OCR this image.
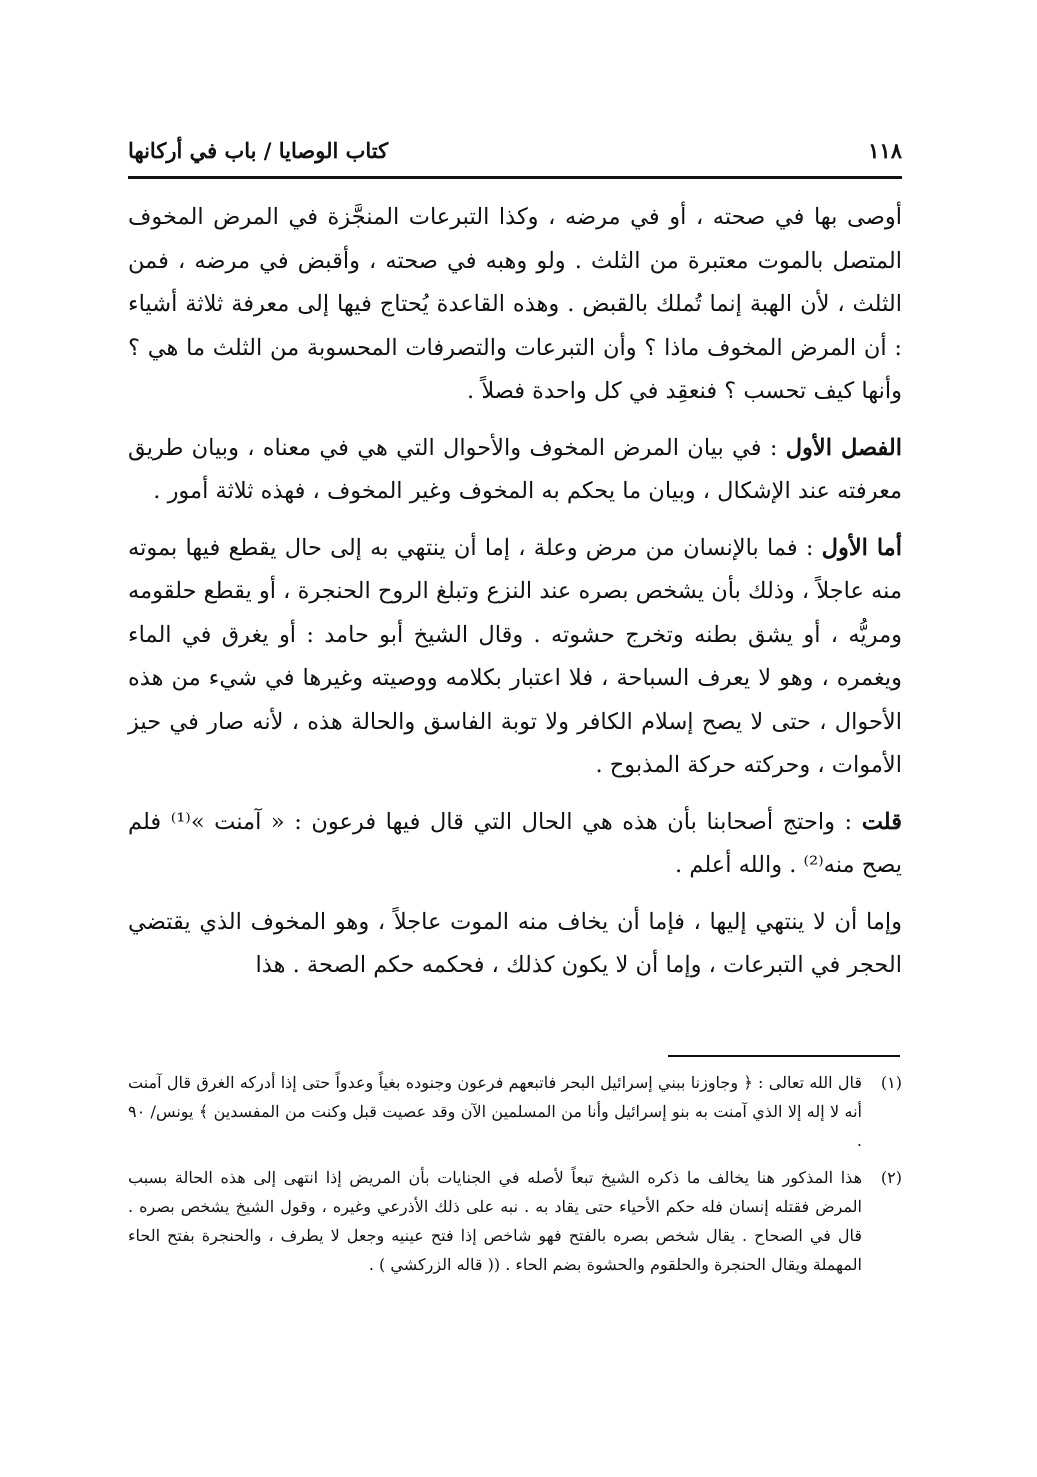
١١٨
كتاب الوصايا / باب في أركانها

أوصى بها في صحته ، أو في مرضه ، وكذا التبرعات المنجَّزة في المرض المخوف المتصل بالموت معتبرة من الثلث . ولو وهبه في صحته ، وأقبض في مرضه ، فمن الثلث ، لأن الهبة إنما تُملك بالقبض . وهذه القاعدة يُحتاج فيها إلى معرفة ثلاثة أشياء : أن المرض المخوف ماذا ؟ وأن التبرعات والتصرفات المحسوبة من الثلث ما هي ؟ وأنها كيف تحسب ؟ فنعقِد في كل واحدة فصلاً .

الفصل الأول : في بيان المرض المخوف والأحوال التي هي في معناه ، وبيان طريق معرفته عند الإشكال ، وبيان ما يحكم به المخوف وغير المخوف ، فهذه ثلاثة أمور .

أما الأول : فما بالإنسان من مرض وعلة ، إما أن ينتهي به إلى حال يقطع فيها بموته منه عاجلاً ، وذلك بأن يشخص بصره عند النزع وتبلغ الروح الحنجرة ، أو يقطع حلقومه ومريُّه ، أو يشق بطنه وتخرج حشوته . وقال الشيخ أبو حامد : أو يغرق في الماء ويغمره ، وهو لا يعرف السباحة ، فلا اعتبار بكلامه ووصيته وغيرها في شيء من هذه الأحوال ، حتى لا يصح إسلام الكافر ولا توبة الفاسق والحالة هذه ، لأنه صار في حيز الأموات ، وحركته حركة المذبوح .

قلت : واحتج أصحابنا بأن هذه هي الحال التي قال فيها فرعون : « آمنت »⁽¹⁾ فلم يصح منه⁽²⁾ . والله أعلم .

وإما أن لا ينتهي إليها ، فإما أن يخاف منه الموت عاجلاً ، وهو المخوف الذي يقتضي الحجر في التبرعات ، وإما أن لا يكون كذلك ، فحكمه حكم الصحة . هذا

(١)
قال الله تعالى : ﴿ وجاوزنا ببني إسرائيل البحر فاتبعهم فرعون وجنوده بغياً وعدواً حتى إذا أدركه الغرق قال آمنت أنه لا إله إلا الذي آمنت به بنو إسرائيل وأنا من المسلمين الآن وقد عصيت قبل وكنت من المفسدين ﴾ يونس/ ٩٠ .
(٢)
هذا المذكور هنا يخالف ما ذكره الشيخ تبعاً لأصله في الجنايات بأن المريض إذا انتهى إلى هذه الحالة بسبب المرض فقتله إنسان فله حكم الأحياء حتى يقاد به . نبه على ذلك الأذرعي وغيره ، وقول الشيخ يشخص بصره . قال في الصحاح . يقال شخص بصره بالفتح فهو شاخص إذا فتح عينيه وجعل لا يطرف ، والحنجرة بفتح الحاء المهملة ويقال الحنجرة والحلقوم والحشوة بضم الحاء . (( قاله الزركشي ) .
